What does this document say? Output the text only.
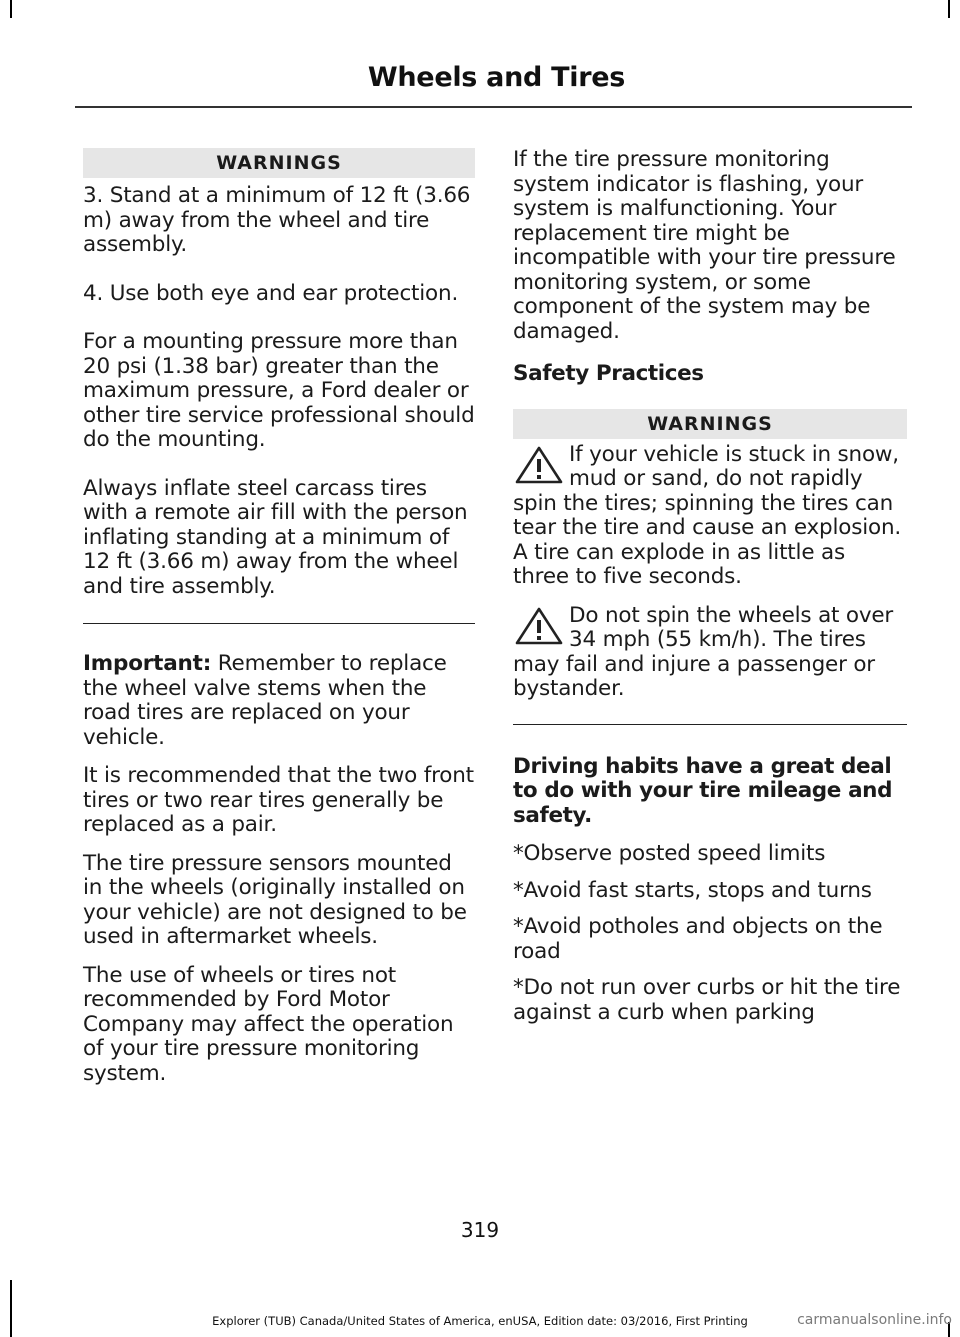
Wheels and Tires
WARNINGS

3. Stand at a minimum of 12 ft (3.66 m) away from the wheel and tire assembly.

4. Use both eye and ear protection.

For a mounting pressure more than 20 psi (1.38 bar) greater than the maximum pressure, a Ford dealer or other tire service professional should do the mounting.

Always inflate steel carcass tires with a remote air fill with the person inflating standing at a minimum of 12 ft (3.66 m) away from the wheel and tire assembly.

Important: Remember to replace the wheel valve stems when the road tires are replaced on your vehicle.

It is recommended that the two front tires or two rear tires generally be replaced as a pair.

The tire pressure sensors mounted in the wheels (originally installed on your vehicle) are not designed to be used in aftermarket wheels.

The use of wheels or tires not recommended by Ford Motor Company may affect the operation of your tire pressure monitoring system.

If the tire pressure monitoring system indicator is flashing, your system is malfunctioning. Your replacement tire might be incompatible with your tire pressure monitoring system, or some component of the system may be damaged.

Safety Practices

WARNINGS

If your vehicle is stuck in snow, mud or sand, do not rapidly spin the tires; spinning the tires can tear the tire and cause an explosion. A tire can explode in as little as three to five seconds.

Do not spin the wheels at over 34 mph (55 km/h). The tires may fail and injure a passenger or bystander.

Driving habits have a great deal to do with your tire mileage and safety.

*Observe posted speed limits

*Avoid fast starts, stops and turns

*Avoid potholes and objects on the road

*Do not run over curbs or hit the tire against a curb when parking

319
Explorer (TUB) Canada/United States of America, enUSA, Edition date: 03/2016, First Printing	carmanualsonline.info
